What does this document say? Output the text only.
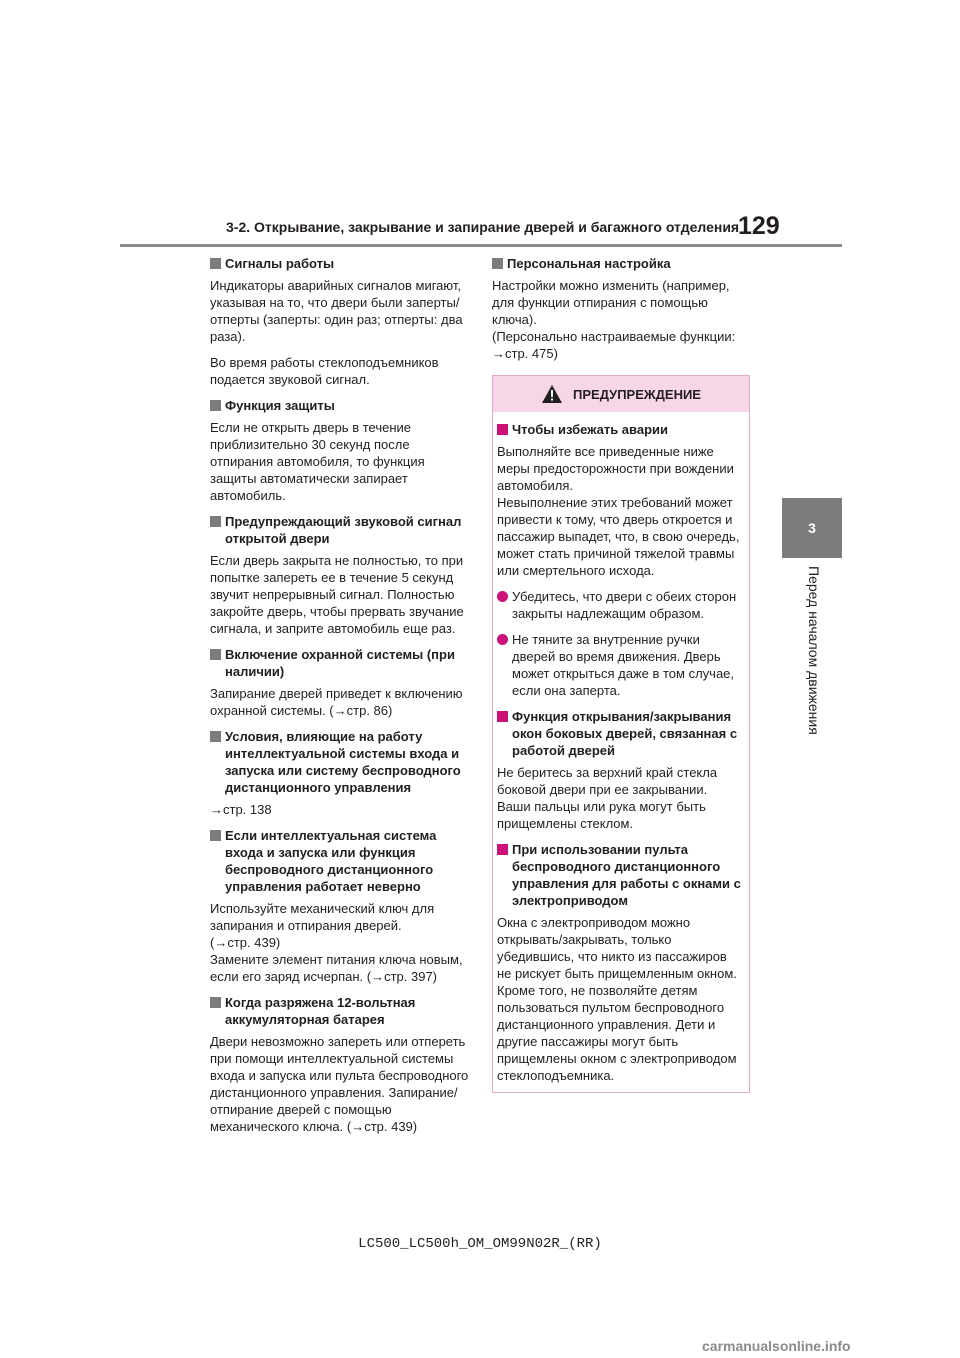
3-2. Открывание, закрывание и запирание дверей и багажного отделения
129
3
Перед началом движения
Сигналы работы
Индикаторы аварийных сигналов мигают, указывая на то, что двери были заперты/отперты (заперты: один раз; отперты: два раза).
Во время работы стеклоподъемников подается звуковой сигнал.
Функция защиты
Если не открыть дверь в течение приблизительно 30 секунд после отпирания автомобиля, то функция защиты автоматически запирает автомобиль.
Предупреждающий звуковой сигнал открытой двери
Если дверь закрыта не полностью, то при попытке запереть ее в течение 5 секунд звучит непрерывный сигнал. Полностью закройте дверь, чтобы прервать звучание сигнала, и заприте автомобиль еще раз.
Включение охранной системы (при наличии)
Запирание дверей приведет к включению охранной системы. (→стр. 86)
Условия, влияющие на работу интеллектуальной системы входа и запуска или систему беспроводного дистанционного управления
→стр. 138
Если интеллектуальная система входа и запуска или функция беспроводного дистанционного управления работает неверно
Используйте механический ключ для запирания и отпирания дверей.
(→стр. 439)
Замените элемент питания ключа новым, если его заряд исчерпан. (→стр. 397)
Когда разряжена 12-вольтная аккумуляторная батарея
Двери невозможно запереть или отпереть при помощи интеллектуальной системы входа и запуска или пульта беспроводного дистанционного управления. Запирание/отпирание дверей с помощью механического ключа. (→стр. 439)
Персональная настройка
Настройки можно изменить (например, для функции отпирания с помощью ключа).
(Персонально настраиваемые функции: →стр. 475)
ПРЕДУПРЕЖДЕНИЕ
Чтобы избежать аварии
Выполняйте все приведенные ниже меры предосторожности при вождении автомобиля.
Невыполнение этих требований может привести к тому, что дверь откроется и пассажир выпадет, что, в свою очередь, может стать причиной тяжелой травмы или смертельного исхода.
Убедитесь, что двери с обеих сторон закрыты надлежащим образом.
Не тяните за внутренние ручки дверей во время движения. Дверь может открыться даже в том случае, если она заперта.
Функция открывания/закрывания окон боковых дверей, связанная с работой дверей
Не беритесь за верхний край стекла боковой двери при ее закрывании. Ваши пальцы или рука могут быть прищемлены стеклом.
При использовании пульта беспроводного дистанционного управления для работы с окнами с электроприводом
Окна с электроприводом можно открывать/закрывать, только убедившись, что никто из пассажиров не рискует быть прищемленным окном. Кроме того, не позволяйте детям пользоваться пультом беспроводного дистанционного управления. Дети и другие пассажиры могут быть прищемлены окном с электроприводом стеклоподъемника.
LC500_LC500h_OM_OM99N02R_(RR)
carmanualsonline.info
